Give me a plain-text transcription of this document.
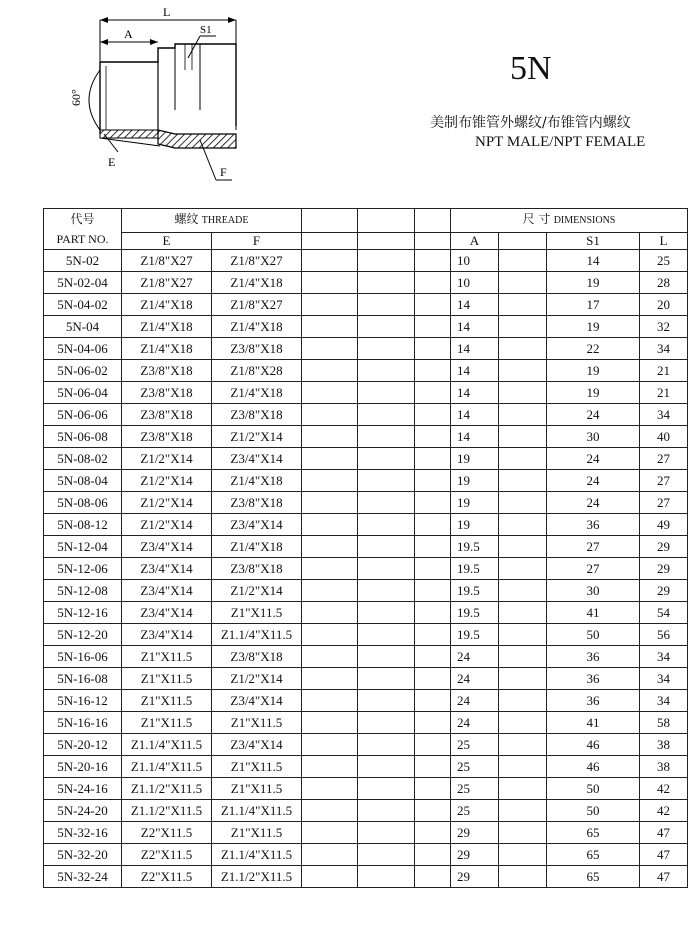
L
A	S1
60°
E
F
5N
美制布锥管外螺纹/布锥管内螺纹
NPT MALE/NPT FEMALE
代号
PART NO.	螺纹 THREADE					尺 寸 DIMENSIONS			
	E	F				A		S1	L
5N-02	Z1/8"X27	Z1/8"X27				10		14	25
5N-02-04	Z1/8"X27	Z1/4"X18				10		19	28
5N-04-02	Z1/4"X18	Z1/8"X27				14		17	20
5N-04	Z1/4"X18	Z1/4"X18				14		19	32
5N-04-06	Z1/4"X18	Z3/8"X18				14		22	34
5N-06-02	Z3/8"X18	Z1/8"X28				14		19	21
5N-06-04	Z3/8"X18	Z1/4"X18				14		19	21
5N-06-06	Z3/8"X18	Z3/8"X18				14		24	34
5N-06-08	Z3/8"X18	Z1/2"X14				14		30	40
5N-08-02	Z1/2"X14	Z3/4"X14				19		24	27
5N-08-04	Z1/2"X14	Z1/4"X18				19		24	27
5N-08-06	Z1/2"X14	Z3/8"X18				19		24	27
5N-08-12	Z1/2"X14	Z3/4"X14				19		36	49
5N-12-04	Z3/4"X14	Z1/4"X18				19.5		27	29
5N-12-06	Z3/4"X14	Z3/8"X18				19.5		27	29
5N-12-08	Z3/4"X14	Z1/2"X14				19.5		30	29
5N-12-16	Z3/4"X14	Z1"X11.5				19.5		41	54
5N-12-20	Z3/4"X14	Z1.1/4"X11.5				19.5		50	56
5N-16-06	Z1"X11.5	Z3/8"X18				24		36	34
5N-16-08	Z1"X11.5	Z1/2"X14				24		36	34
5N-16-12	Z1"X11.5	Z3/4"X14				24		36	34
5N-16-16	Z1"X11.5	Z1"X11.5				24		41	58
5N-20-12	Z1.1/4"X11.5	Z3/4"X14				25		46	38
5N-20-16	Z1.1/4"X11.5	Z1"X11.5				25		46	38
5N-24-16	Z1.1/2"X11.5	Z1"X11.5				25		50	42
5N-24-20	Z1.1/2"X11.5	Z1.1/4"X11.5				25		50	42
5N-32-16	Z2"X11.5	Z1"X11.5				29		65	47
5N-32-20	Z2"X11.5	Z1.1/4"X11.5				29		65	47
5N-32-24	Z2"X11.5	Z1.1/2"X11.5				29		65	47
